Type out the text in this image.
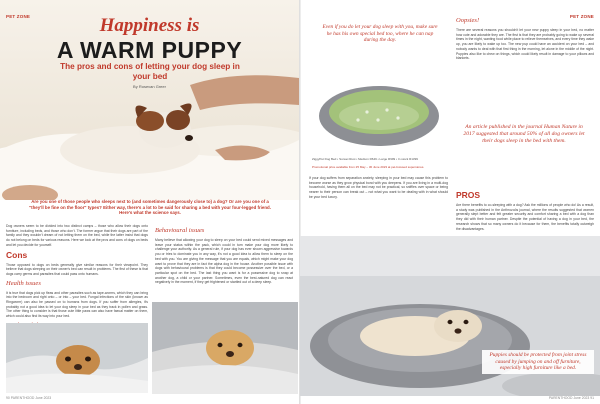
PET ZONE	PET ZONE
Happiness is
A WARM PUPPY
The pros and cons of letting your dog sleep in your bed
By Rosevan Greer
Are you one of those people who sleeps next to (and sometimes dangerously close to) a dog? Or are you one of a "they'll be fine on the floor" types? Either way, there's a lot to be said for sharing a bed with your four-legged friend. Here's what the science says.

Dog owners seem to be divided into two distinct camps – those who allow their dogs onto furniture, including beds, and those who don't. The former argue that their dogs are part of the family and they wouldn't dream of not letting them on the bed, while the latter insist that dogs do not belong on beds for various reasons. Here we look at the pros and cons of dogs on beds and let you decide for yourself.

Cons

Those opposed to dogs on beds generally give similar reasons for their viewpoint. They believe that dogs sleeping on their owner's bed can result in problems. The first of these is that dogs carry germs and parasites that could pass onto humans.

Health issues

It is true that dogs pick up fleas and other parasites such as tape-worms, which they can bring into the bedroom and right onto – or into – your bed. Fungal infections of the skin (known as Ringworm) can also be passed on to humans from dogs. If you suffer from allergies, it's probably not a good idea to let your dog sleep in your bed as they track in pollen and grass. The other thing to consider is that those cute little paws can also have faecal matter on them, which could also find its way into your bed.

Behavioural issues

Many believe that allowing your dog to sleep on your bed could send mixed messages and leave your status within the pack, which could in turn make your dog more likely to challenge your authority. As a general rule, if your dog has ever shown aggressive towards you or tries to dominate you in any way, it's not a good idea to allow them to sleep on the bed with you. You are giving the message that you are equals, which might make your dog want to prove that they are in fact the alpha dog in the house. Another possible issue with dogs with behavioural problems is that they could become possessive over the bed, or a particular spot on the bed. The last thing you want is for a possessive dog to snap at another dog, a child or your partner. Sometimes, even the best-natured dog can react negatively in the moment, if they get frightened or startled out of a deep sleep.

90 PARENTHOOD June 2023
Even if you do let your dog sleep with you, make sure he has his own special bed too, where he can nap during the day.
ZiggyPet Dog Bed • Sunset Rust • Medium R649 • Large R999 • In stock R1399
Promotional price available from 25 May – 30 June 2023 at pet-focused superstores.

If your dog suffers from separation anxiety, sleeping in your bed may cause this problem to become worse as they grow physical bond with you deepens. If you are living in a multi-dog household, having them all on the bed may not be practical, so sniffles over space or being nearer to their person can break out – not what you want to be dealing with in what should be your bed luxury.

Oopsies!

There are several reasons you shouldn't let your new puppy sleep in your bed, no matter how cute and adorable they are. The first is that they are probably going to wake up several times in the night, wanting food while place to relieve themselves, and every time they wake up, you are likely to wake up too. The new pup could have an accident on your bed – and nobody wants to deal with that first thing in the morning, let alone in the middle of the night. Puppies also like to chew on things, which could likely result in damage to your pillows and blankets.

An article published in the journal Human Nature in 2017 suggested that around 50% of all dog owners let their dogs sleep in the bed with them.
PROS

Are there benefits to co-sleeping with a dog? Ask the millions of people who do! As a result, a study was published in the Anthrozoös journal, where the results suggested that women generally slept better and felt greater security and comfort sharing a bed with a dog than they did with their human partner. Despite the potential of having a dog in your bed, the research shows that so many owners do it because for them, the benefits totally outweigh the disadvantages.

Puppies should be protected from joint stress caused by jumping on and off furniture, especially high furniture like a bed.
PARENTHOOD June 2023 91
